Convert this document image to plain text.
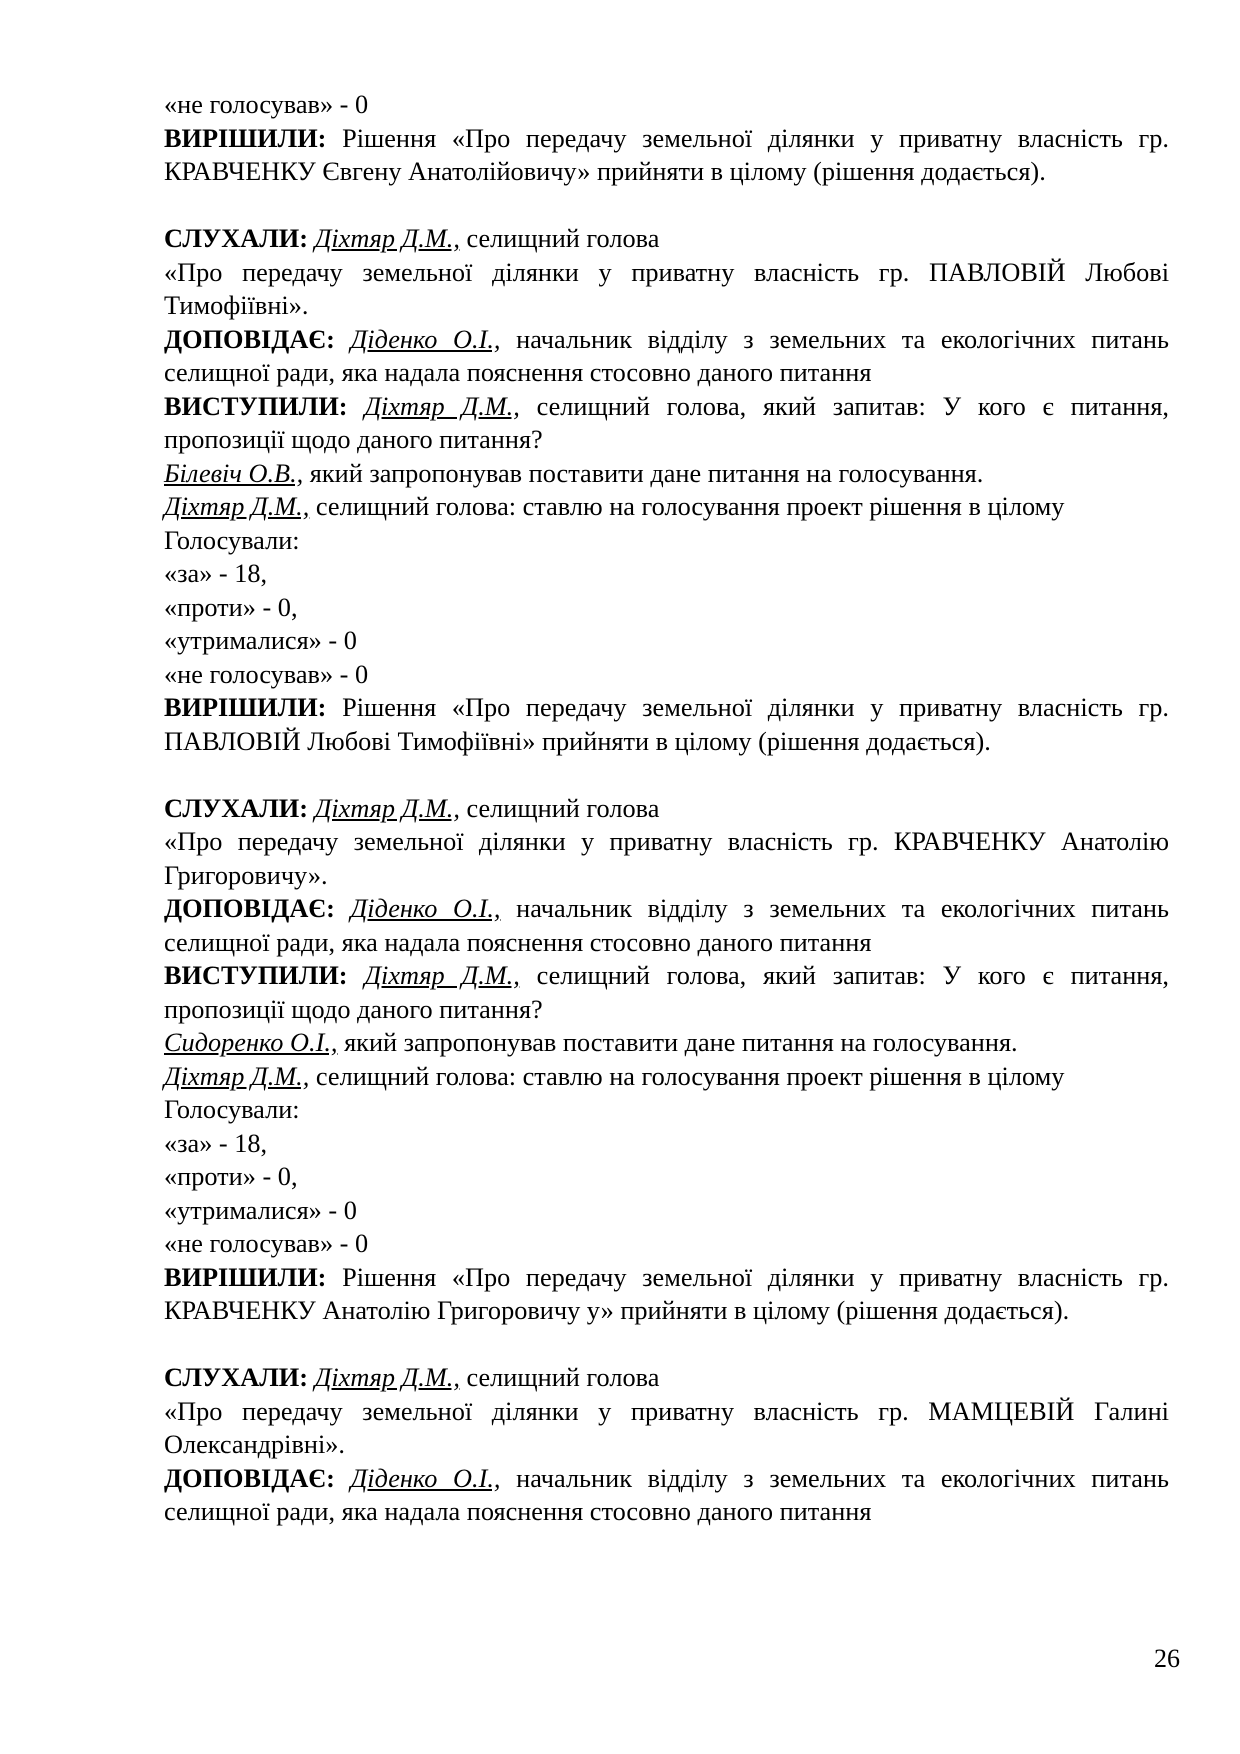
«не голосував» - 0

ВИРІШИЛИ: Рішення «Про передачу земельної ділянки у приватну власність гр. КРАВЧЕНКУ Євгену Анатолійовичу» прийняти в цілому (рішення додається).

СЛУХАЛИ: Діхтяр Д.М., селищний голова

«Про передачу земельної ділянки у приватну власність гр. ПАВЛОВІЙ Любові Тимофіївні».

ДОПОВІДАЄ: Діденко О.І., начальник відділу з земельних та екологічних питань селищної ради, яка надала пояснення стосовно даного питання

ВИСТУПИЛИ: Діхтяр Д.М., селищний голова, який запитав: У кого є питання, пропозиції щодо даного питання?

Білевіч О.В., який запропонував поставити дане питання на голосування.

Діхтяр Д.М., селищний голова: ставлю на голосування проект рішення в цілому

Голосували:

«за» - 18,

«проти» - 0,

«утрималися» - 0

«не голосував» - 0

ВИРІШИЛИ: Рішення «Про передачу земельної ділянки у приватну власність гр. ПАВЛОВІЙ Любові Тимофіївні» прийняти в цілому (рішення додається).

СЛУХАЛИ: Діхтяр Д.М., селищний голова

«Про передачу земельної ділянки у приватну власність гр. КРАВЧЕНКУ Анатолію Григоровичу».

ДОПОВІДАЄ: Діденко О.І., начальник відділу з земельних та екологічних питань селищної ради, яка надала пояснення стосовно даного питання

ВИСТУПИЛИ: Діхтяр Д.М., селищний голова, який запитав: У кого є питання, пропозиції щодо даного питання?

Сидоренко О.І., який запропонував поставити дане питання на голосування.

Діхтяр Д.М., селищний голова: ставлю на голосування проект рішення в цілому

Голосували:

«за» - 18,

«проти» - 0,

«утрималися» - 0

«не голосував» - 0

ВИРІШИЛИ: Рішення «Про передачу земельної ділянки у приватну власність гр. КРАВЧЕНКУ Анатолію Григоровичу у» прийняти в цілому (рішення додається).

СЛУХАЛИ: Діхтяр Д.М., селищний голова

«Про передачу земельної ділянки у приватну власність гр. МАМЦЕВІЙ Галині Олександрівні».

ДОПОВІДАЄ: Діденко О.І., начальник відділу з земельних та екологічних питань селищної ради, яка надала пояснення стосовно даного питання

26
